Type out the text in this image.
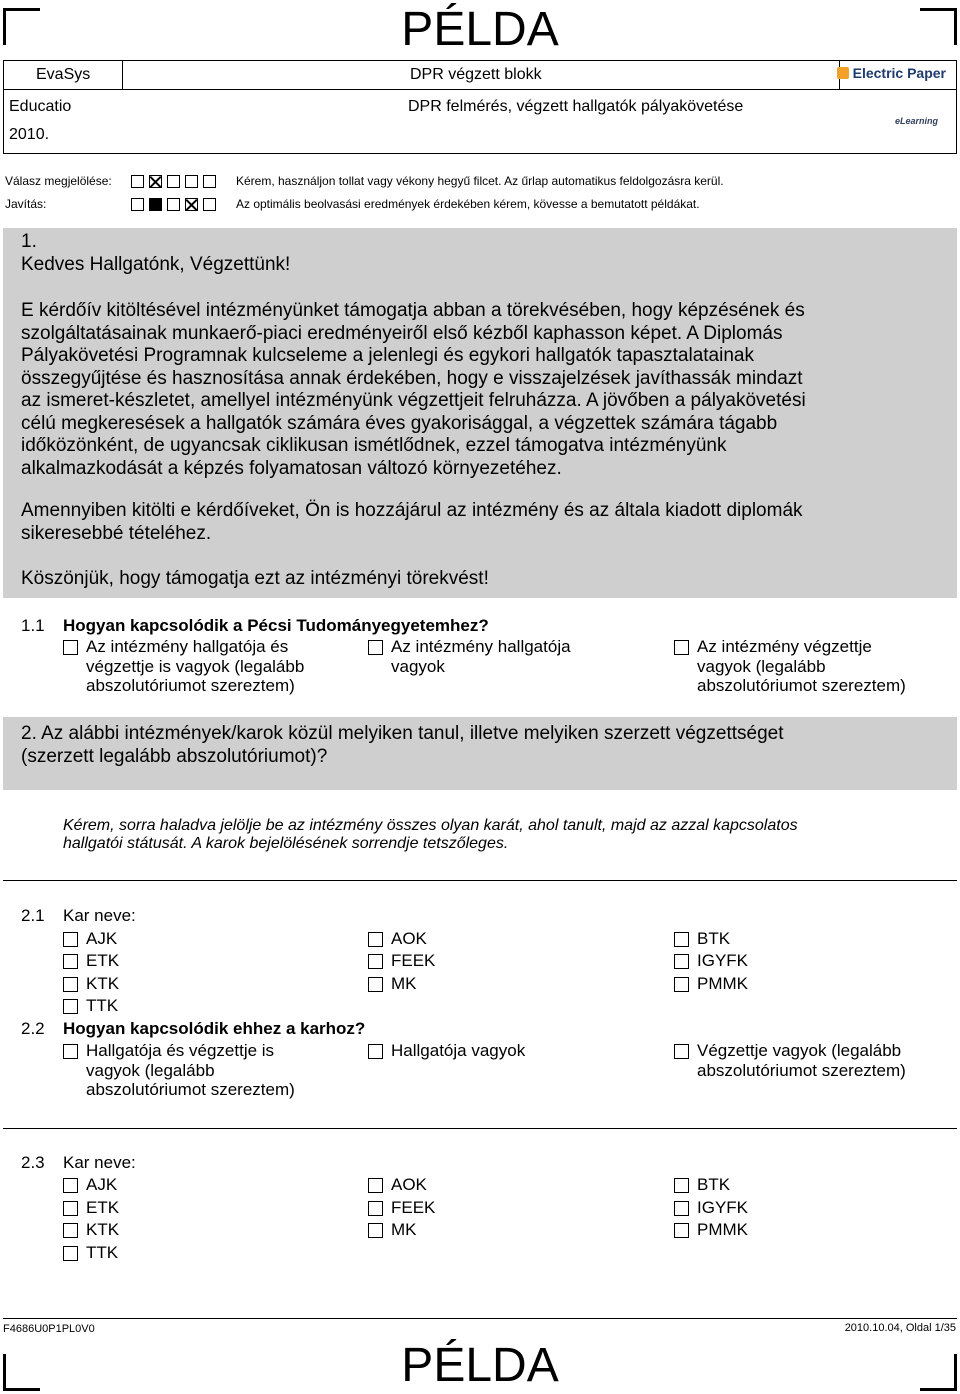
PÉLDA
EvaSys	DPR végzett blokk	Electric Paper
Educatio	DPR felmérés, végzett hallgatók pályakövetése
2010.
eLearning
Válasz megjelölése:	Kérem, használjon tollat vagy vékony hegyű filcet. Az űrlap automatikus feldolgozásra kerül.
Javítás:	Az optimális beolvasási eredmények érdekében kérem, kövesse a bemutatott példákat.
1.
Kedves Hallgatónk, Végzettünk!
E kérdőív kitöltésével intézményünket támogatja abban a törekvésében, hogy képzésének és
szolgáltatásainak munkaerő-piaci eredményeiről első kézből kaphasson képet. A Diplomás
Pályakövetési Programnak kulcseleme a jelenlegi és egykori hallgatók tapasztalatainak
összegyűjtése és hasznosítása annak érdekében, hogy e visszajelzések javíthassák mindazt
az ismeret-készletet, amellyel intézményünk végzettjeit felruházza. A jövőben a pályakövetési
célú megkeresések a hallgatók számára éves gyakorisággal, a végzettek számára tágabb
időközönként, de ugyancsak ciklikusan ismétlődnek, ezzel támogatva intézményünk
alkalmazkodását a képzés folyamatosan változó környezetéhez.
Amennyiben kitölti e kérdőíveket, Ön is hozzájárul az intézmény és az általa kiadott diplomák
sikeresebbé tételéhez.
Köszönjük, hogy támogatja ezt az intézményi törekvést!
1.1 Hogyan kapcsolódik a Pécsi Tudományegyetemhez?
Az intézmény hallgatója és
végzettje is vagyok (legalább
abszolutóriumot szereztem)
Az intézmény hallgatója
vagyok
Az intézmény végzettje
vagyok (legalább
abszolutóriumot szereztem)
2. Az alábbi intézmények/karok közül melyiken tanul, illetve melyiken szerzett végzettséget
(szerzett legalább abszolutóriumot)?
Kérem, sorra haladva jelölje be az intézmény összes olyan karát, ahol tanult, majd az azzal kapcsolatos
hallgatói státusát. A karok bejelölésének sorrendje tetszőleges.
2.1 Kar neve:
AJK	AOK	BTK
ETK	FEEK	IGYFK
KTK	MK	PMMK
TTK
2.2 Hogyan kapcsolódik ehhez a karhoz?
Hallgatója és végzettje is
vagyok (legalább
abszolutóriumot szereztem)
Hallgatója vagyok	Végzettje vagyok (legalább
abszolutóriumot szereztem)
2.3 Kar neve:
AJK	AOK	BTK
ETK	FEEK	IGYFK
KTK	MK	PMMK
TTK
F4686U0P1PL0V0	2010.10.04, Oldal 1/35
PÉLDA
